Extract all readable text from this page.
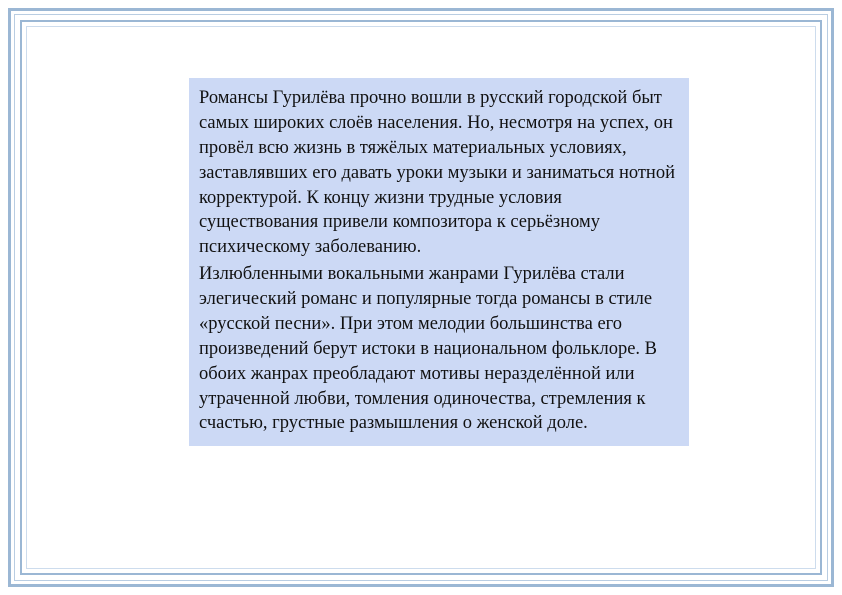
Романсы Гурилёва прочно вошли в русский городской быт самых широких слоёв населения. Но, несмотря на успех, он провёл всю жизнь в тяжёлых материальных условиях, заставлявших его давать уроки музыки и заниматься нотной корректурой. К концу жизни трудные условия существования привели композитора к серьёзному психическому заболеванию.

Излюбленными вокальными жанрами Гурилёва стали элегический романс и популярные тогда романсы в стиле «русской песни». При этом мелодии большинства его произведений берут истоки в национальном фольклоре. В обоих жанрах преобладают мотивы неразделённой или утраченной любви, томления одиночества, стремления к счастью, грустные размышления о женской доле.
